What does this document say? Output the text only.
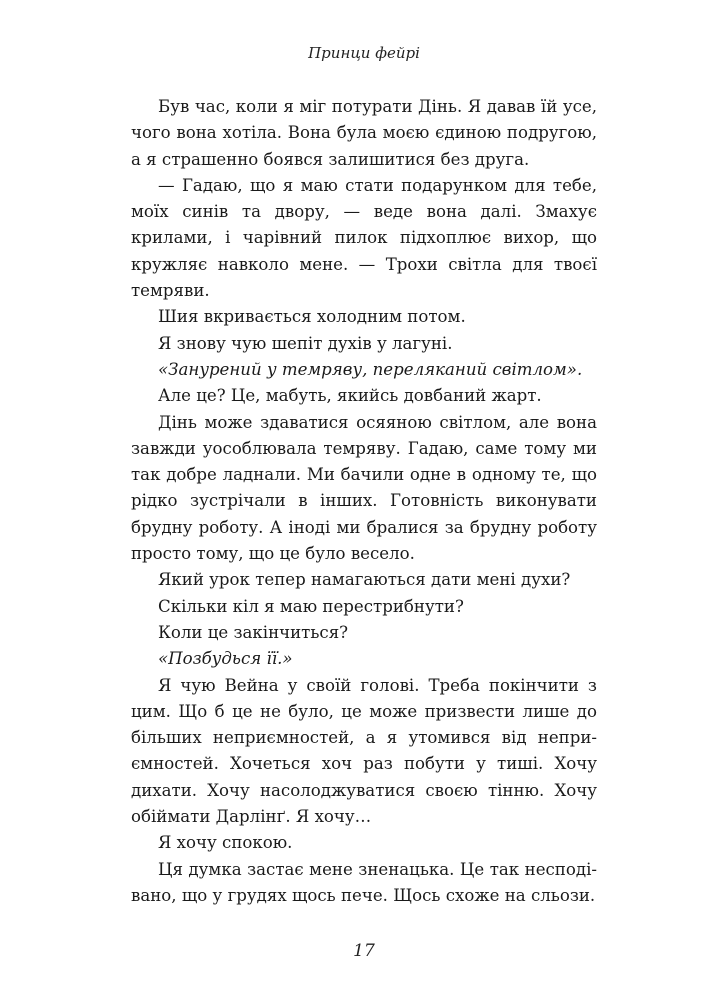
Принци фейрі

Був час, коли я міг потурати Дінь. Я давав їй усе, чого вона хотіла. Вона була моєю єдиною подругою, а я страшенно боявся залишитися без друга.

— Гадаю, що я маю стати подарунком для тебе, моїх синів та двору, — веде вона далі. Змахує крилами, і чарівний пилок підхоплює вихор, що кружляє навколо мене. — Трохи світла для твоєї темряви.

Шия вкривається холодним потом.

Я знову чую шепіт духів у лагуні.

«Занурений у темряву, переляканий світлом».

Але це? Це, мабуть, якийсь довбаний жарт.

Дінь може здаватися осяяною світлом, але вона завжди уособлювала темряву. Гадаю, саме тому ми так добре ладнали. Ми бачили одне в одному те, що рідко зустрічали в інших. Готовність виконувати брудну роботу. А іноді ми бралися за брудну роботу просто тому, що це було весело.

Який урок тепер намагаються дати мені духи?

Скільки кіл я маю перестрибнути?

Коли це закінчиться?

«Позбудься її.»

Я чую Вейна у своїй голові. Треба покінчити з цим. Що б це не було, це може призвести лише до більших неприємностей, а я утомився від неприємностей. Хочеться хоч раз побути у тиші. Хочу дихати. Хочу насолоджуватися своєю тінню. Хочу обіймати Дарлінґ. Я хочу…

Я хочу спокою.

Ця думка застає мене зненацька. Це так несподівано, що у грудях щось пече. Щось схоже на сльози.

17
